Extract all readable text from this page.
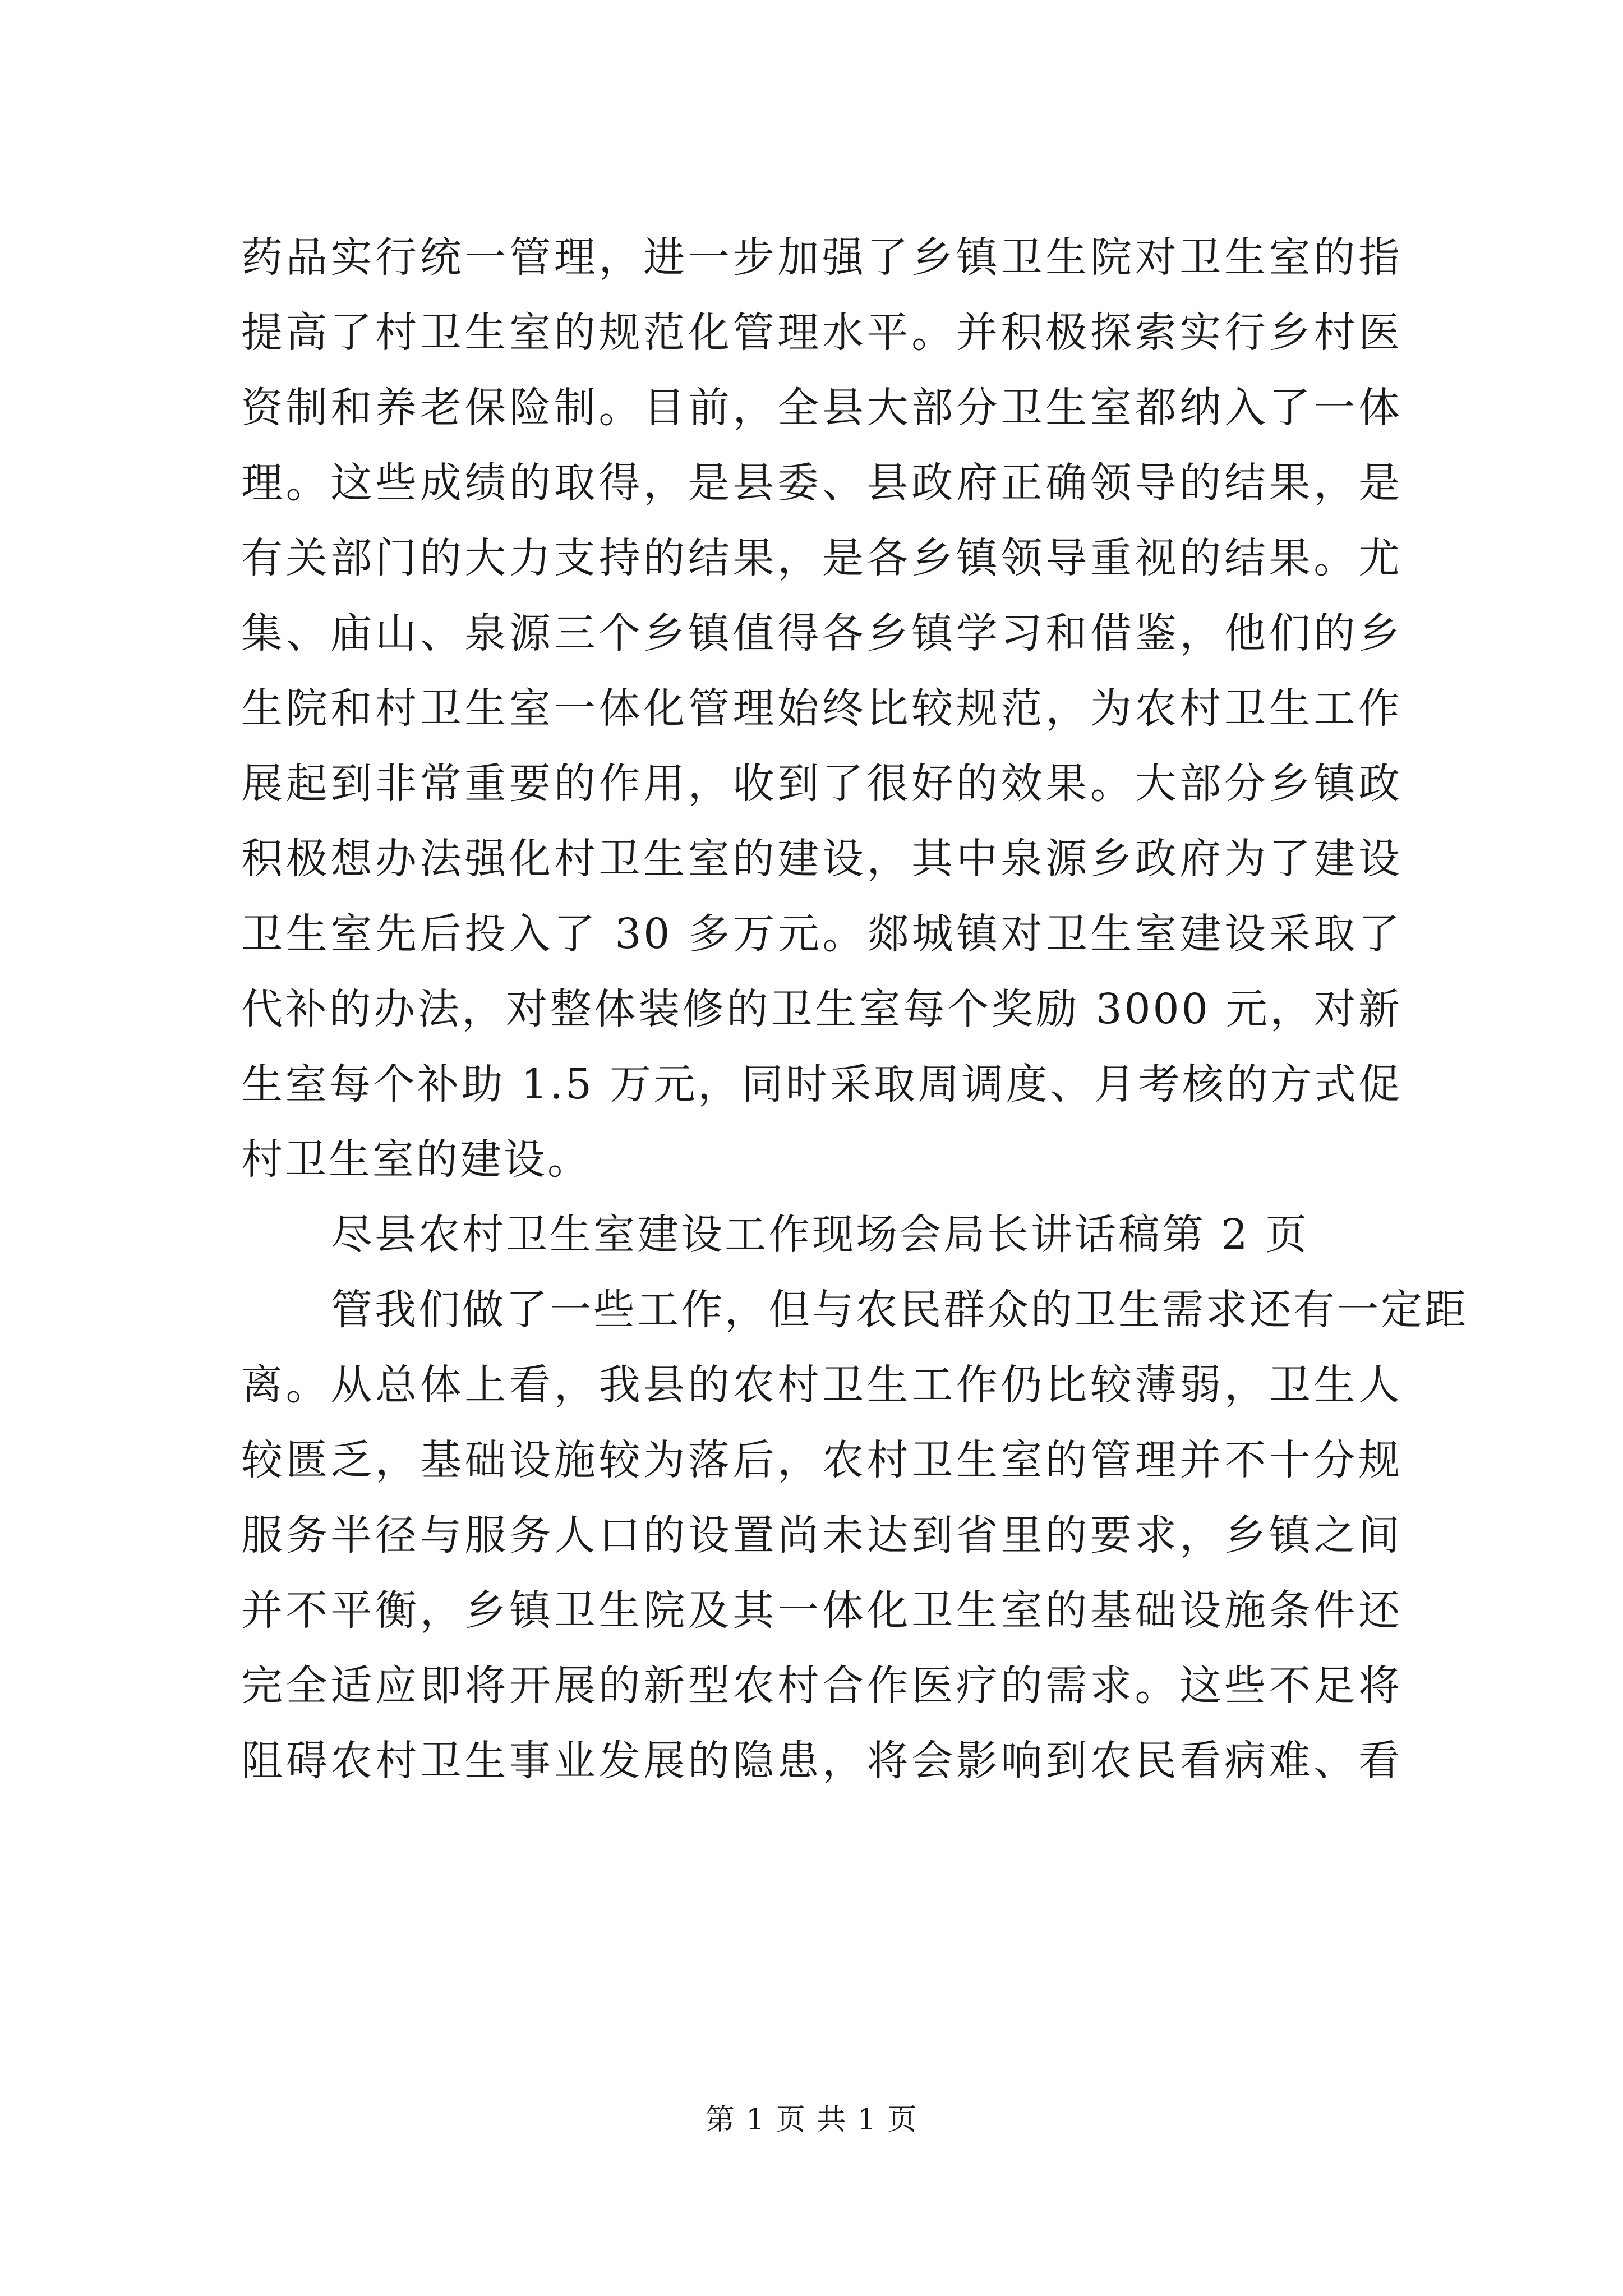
药品实行统一管理，进一步加强了乡镇卫生院对卫生室的指
提高了村卫生室的规范化管理水平。并积极探索实行乡村医
资制和养老保险制。目前，全县大部分卫生室都纳入了一体
理。这些成绩的取得，是县委、县政府正确领导的结果，是
有关部门的大力支持的结果，是各乡镇领导重视的结果。尤
集、庙山、泉源三个乡镇值得各乡镇学习和借鉴，他们的乡
生院和村卫生室一体化管理始终比较规范，为农村卫生工作
展起到非常重要的作用，收到了很好的效果。大部分乡镇政
积极想办法强化村卫生室的建设，其中泉源乡政府为了建设
卫生室先后投入了 30 多万元。郯城镇对卫生室建设采取了
代补的办法，对整体装修的卫生室每个奖励 3000 元，对新
生室每个补助 1.5 万元，同时采取周调度、月考核的方式促
村卫生室的建设。
尽县农村卫生室建设工作现场会局长讲话稿第 2 页
管我们做了一些工作，但与农民群众的卫生需求还有一定距
离。从总体上看，我县的农村卫生工作仍比较薄弱，卫生人
较匮乏，基础设施较为落后，农村卫生室的管理并不十分规
服务半径与服务人口的设置尚未达到省里的要求，乡镇之间
并不平衡，乡镇卫生院及其一体化卫生室的基础设施条件还
完全适应即将开展的新型农村合作医疗的需求。这些不足将
阻碍农村卫生事业发展的隐患，将会影响到农民看病难、看
第 1 页 共 1 页
